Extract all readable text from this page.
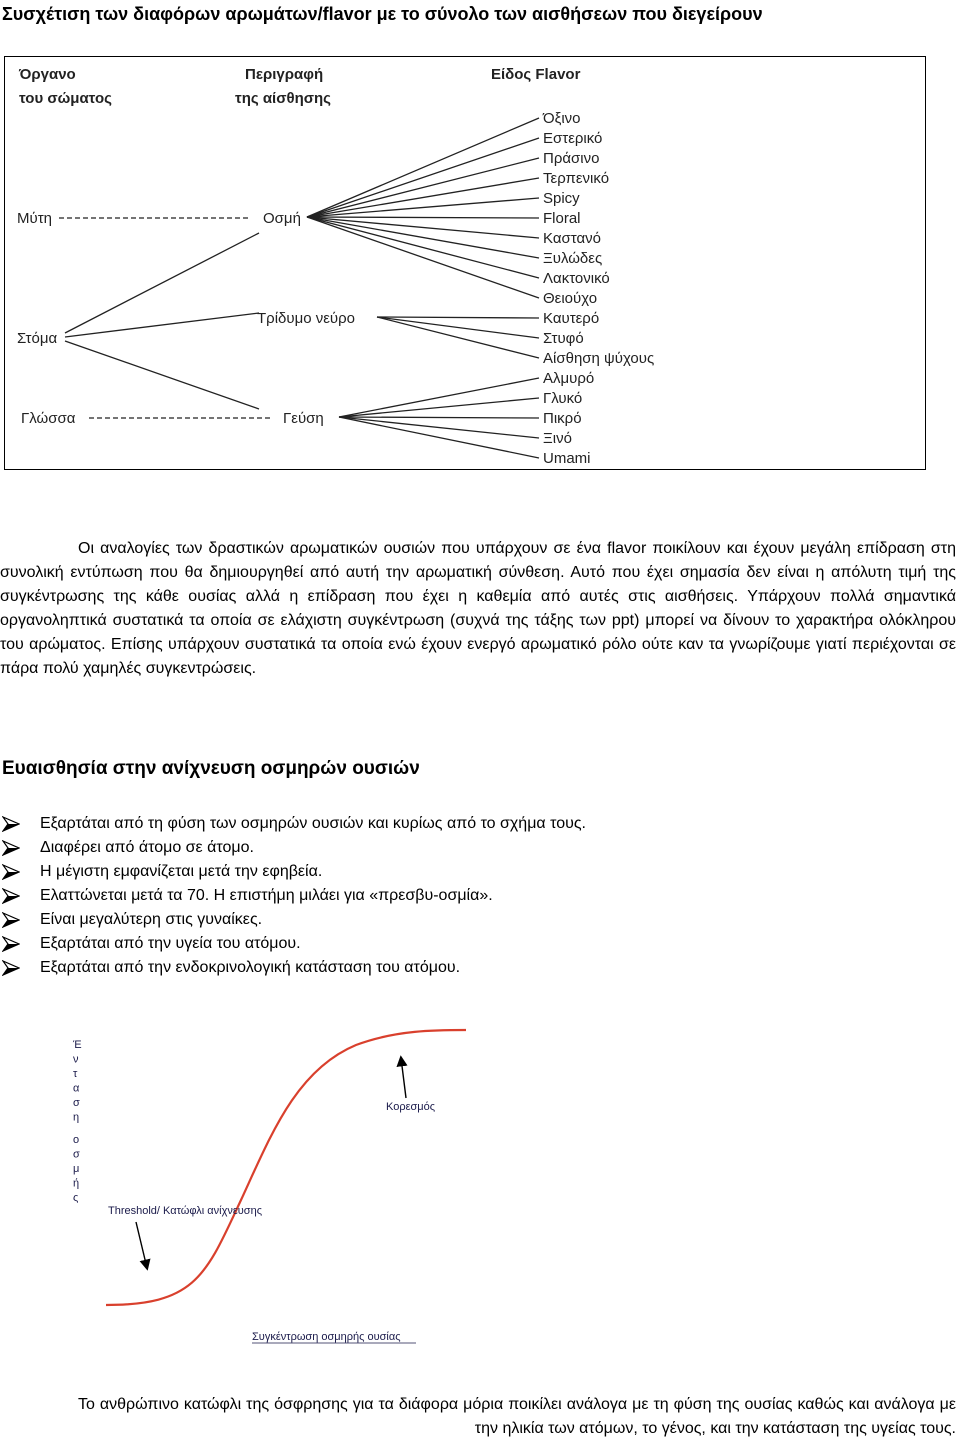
Συσχέτιση των διαφόρων αρωμάτων/flavor με το σύνολο των αισθήσεων που διεγείρουν
Όργανο
του σώματος
Περιγραφή
της αίσθησης
Είδος Flavor
Μύτη	Οσμή
Στόμα
Τρίδυμο νεύρο
Γλώσσα	Γεύση
Όξινο
Εστερικό
Πράσινο
Τερπενικό
Spicy
Floral
Καστανό
Ξυλώδες
Λακτονικό
Θειούχο
Καυτερό
Στυφό
Αίσθηση ψύχους
Αλμυρό
Γλυκό
Πικρό
Ξινό
Umami
Οι αναλογίες των δραστικών αρωματικών ουσιών που υπάρχουν σε ένα flavor ποικίλουν και έχουν μεγάλη επίδραση στη συνολική εντύπωση που θα δημιουργηθεί από αυτή την αρωματική σύνθεση. Αυτό που έχει σημασία δεν είναι η απόλυτη τιμή της συγκέντρωσης της κάθε ουσίας αλλά η επίδραση που έχει η καθεμία από αυτές στις αισθήσεις. Υπάρχουν πολλά σημαντικά οργανοληπτικά συστατικά τα οποία σε ελάχιστη συγκέντρωση (συχνά της τάξης των ppt) μπορεί να δίνουν το χαρακτήρα ολόκληρου του αρώματος. Επίσης υπάρχουν συστατικά τα οποία ενώ έχουν ενεργό αρωματικό ρόλο ούτε καν τα γνωρίζουμε γιατί περιέχονται σε πάρα πολύ χαμηλές συγκεντρώσεις.
Ευαισθησία στην ανίχνευση οσμηρών ουσιών
Εξαρτάται από τη φύση των οσμηρών ουσιών και κυρίως από το σχήμα τους.
Διαφέρει από άτομο σε άτομο.
Η μέγιστη εμφανίζεται μετά την εφηβεία.
Ελαττώνεται μετά τα 70. Η επιστήμη μιλάει για «πρεσβυ-οσμία».
Είναι μεγαλύτερη στις γυναίκες.
Εξαρτάται από την υγεία του ατόμου.
Εξαρτάται από την ενδοκρινολογική κατάσταση του ατόμου.
Έ
ν
τ
α
σ
η
ο
σ
μ
ή
ς
Κορεσμός
Threshold/ Κατώφλι ανίχνευσης
Συγκέντρωση οσμηρής ουσίας
Το ανθρώπινο κατώφλι της όσφρησης για τα διάφορα μόρια ποικίλει ανάλογα με τη φύση της ουσίας καθώς και ανάλογα με την ηλικία των ατόμων, το γένος, και την κατάσταση της υγείας τους.
